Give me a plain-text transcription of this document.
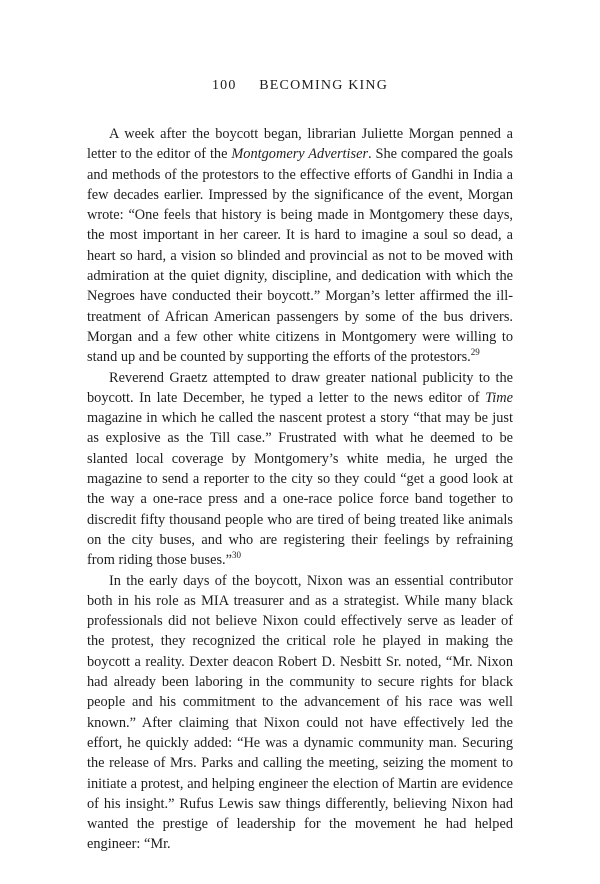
100 BECOMING KING

A week after the boycott began, librarian Juliette Morgan penned a letter to the editor of the Montgomery Advertiser. She compared the goals and methods of the protestors to the effective efforts of Gandhi in India a few decades earlier. Impressed by the significance of the event, Morgan wrote: “One feels that history is being made in Montgomery these days, the most important in her career. It is hard to imagine a soul so dead, a heart so hard, a vision so blinded and provincial as not to be moved with admiration at the quiet dignity, discipline, and dedication with which the Negroes have conducted their boycott.” Morgan’s letter affirmed the ill-treatment of African American passengers by some of the bus drivers. Morgan and a few other white citizens in Montgomery were willing to stand up and be counted by supporting the efforts of the protestors.$^{29}$

Reverend Graetz attempted to draw greater national publicity to the boycott. In late December, he typed a letter to the news editor of Time magazine in which he called the nascent protest a story “that may be just as explosive as the Till case.” Frustrated with what he deemed to be slanted local coverage by Montgomery’s white media, he urged the magazine to send a reporter to the city so they could “get a good look at the way a one-race press and a one-race police force band together to discredit fifty thousand people who are tired of being treated like animals on the city buses, and who are registering their feelings by refraining from riding those buses.”$^{30}$

In the early days of the boycott, Nixon was an essential contributor both in his role as MIA treasurer and as a strategist. While many black professionals did not believe Nixon could effectively serve as leader of the protest, they recognized the critical role he played in making the boycott a reality. Dexter deacon Robert D. Nesbitt Sr. noted, “Mr. Nixon had already been laboring in the community to secure rights for black people and his commitment to the advancement of his race was well known.” After claiming that Nixon could not have effectively led the effort, he quickly added: “He was a dynamic community man. Securing the release of Mrs. Parks and calling the meeting, seizing the moment to initiate a protest, and helping engineer the election of Martin are evidence of his insight.” Rufus Lewis saw things differently, believing Nixon had wanted the prestige of leadership for the movement he had helped engineer: “Mr.
